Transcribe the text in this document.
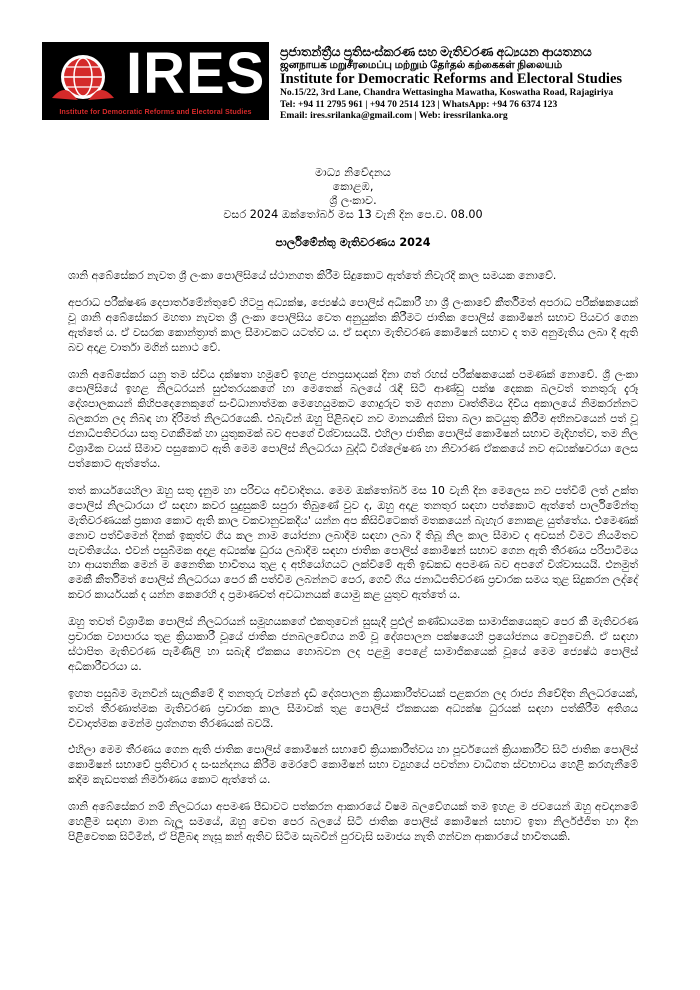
IRES
Institute for Democratic Reforms and Electoral Studies
ප්‍රජාතන්ත්‍රීය ප්‍රතිසංස්කරණ සහ මැතිවරණ අධ්‍යයන ආයතනය
ஜனநாயக மறுசீரமைப்பு மற்றும் தேர்தல் கற்கைகள் நிலையம்
Institute for Democratic Reforms and Electoral Studies
No.15/22, 3rd Lane, Chandra Wettasingha Mawatha, Koswatha Road, Rajagiriya
Tel: +94 11 2795 961 | +94 70 2514 123 | WhatsApp: +94 76 6374 123
Email: ires.srilanka@gmail.com | Web: iressrilanka.org
මාධ්‍ය නිවේදනය
කොළඹ,
ශ්‍රී ලංකාව.
වසර 2024 ඔක්තෝබර් මස 13 වැනි දින පෙ.ව. 08.00
පාර්ලිමේන්තු මැතිවරණය 2024

ශානි අබේසේකර නැවත ශ්‍රී ලංකා පොලිසියේ ස්ථානගත කිරීම සිදුකොට ඇත්තේ නිවැරදි කාල සමයක නොවේ.

අපරාධ පරීක්ෂණ දෙපාර්තමේන්තුවේ හිටපු අධ්‍යක්ෂ, ජ්‍යෙෂ්ඨ පොලිස් අධිකාරී හා ශ්‍රී ලංකාවේ කීර්තිමත් අපරාධ පරීක්ෂකයෙක් වූ ශානි අබේසේකර මහතා නැවත ශ්‍රී ලංකා පොලිසිය වෙත අනුයුක්ත කිරීමට ජාතික පොලිස් කොමිෂන් සභාව පියවර ගෙන ඇත්තේ ය. ඒ වසරක කොන්ත්‍රාත් කාල සීමාවකට යටත්ව ය. ඒ සඳහා මැතිවරණ කොමිෂන් සභාව ද තම අනුමැතිය ලබා දී ඇති බව අදාළ වාර්තා මගින් සනාථ වේ.

ශානි අබේසේකර යනු තම ස්වීය දක්ෂතා හමුවේ ඉහළ ජනප්‍රසාදයක් දිනා ගත් රහස් පරීක්ෂකයෙක් පමණක් නොවේ. ශ්‍රී ලංකා පොලිසියේ ඉහළ නිලධරයන් සුළුතරයකගේ හා මෙතෙක් බලයේ රැඳී සිටි ආණ්ඩු පක්ෂ දෙකක බලවත් තනතුරු දැරූ දේශපාලකයන් කිහිපදෙනෙකුගේ සංවිධානාත්මක මෙහෙයුමකට ගොදුරුව තම අගනා වෘත්තීමය දිවිය අකාලයේ නිමකරන්නට බලකරන ලද නිබඳ හා දිරිමත් නිලධරයෙකි. එබැවින් ඔහු පිළිබඳව නව මානයකින් සිතා බලා කටයුතු කිරීම අභිනවයෙන් පත් වූ ජනාධිපතිවරයා සතු වගකීමක් හා යුතුකමක් බව අපගේ විශ්වාසයයි. එහිලා ජාතික පොලිස් කොමිෂන් සභාව මැදිහත්ව, තම නිල විශ්‍රාමික වයස් සීමාව පසුකොට ඇති මෙම පොලිස් නිලධරයා බුද්ධි විශ්ලේෂණ හා නිවාරණ ඒකකයේ නව අධ්‍යක්ෂවරයා ලෙස පත්කොට ඇත්තේය.

තත් කාර්යයෙහිලා ඔහු සතු දැනුම හා පරිචය අවිවාදිතය. මෙම ඔක්තෝබර් මස 10 වැනි දින මෙලෙස නව පත්වීම් ලත් උක්ත පොලිස් නිලධාරයා ඒ සඳහා කවර සුදුසුකම් සපුරා තිබුණේ වුව ද, ඔහු අදාළ තනතුර සඳහා පත්කොට ඇත්තේ පාර්ලිමේන්තු මැතිවරණයක් ප්‍රකාශ කොට ඇති කාල වකවානුවකදීය' යන්න අප කිසිවිටෙකත් මතකයෙන් බැහැර නොකළ යුත්තේය. එමෙණක් නොව පත්වීමෙන් දිනක් ඉකුත්ව ගිය කල නාම යෝජනා ලබාදීම සඳහා ලබා දී තිබූ නිල කාල සීමාව ද අවසන් වීමට නියමිතව පැවතියේය. එවන් පසුබිමක අදාළ අධ්‍යක්ෂ ධුරය ලබාදීම සඳහා ජාතික පොලිස් කොමිෂන් සභාව ගෙන ඇති තීරණය පරිපාටිමය හා ආයතනික මෙන් ම නෛතික භාවිතය තුළ ද අභියෝගයට ලක්වීමේ ඇති ඉඩකඩ අපමණ බව අපගේ විශ්වාසයයි. එනමුත් මෙකී කීර්තිමත් පොලිස් නිලධරයා පෙර කී පත්වීම ලබන්නට පෙර, ගෙවී ගිය ජනාධිපතිවරණ ප්‍රචාරක සමය තුළ සිදුකරන ලද්දේ කවර කාර්යයක් ද යන්න කෙරෙහි ද ප්‍රමාණවත් අවධානයක් යොමු කළ යුතුව ඇත්තේ ය.

ඔහු තවත් විශ්‍රාමික පොලිස් නිලධරයන් සමූහයකගේ එකතුවෙන් සුසැදී පුළුල් කණ්ඩායමක සාමාජිකයෙකුව පෙර කී මැතිවරණ ප්‍රචාරක ව්‍යාපාරය තුළ ක්‍රියාකාරී වූයේ ජාතික ජනබලවේගය නම් වූ දේශපාලන පක්ෂයෙහි ප්‍රයෝජනය වෙනුවෙනි. ඒ සඳහා ස්ථාපිත මැතිවරණ පැමිණිලි හා සබැඳි ඒකකය හොබවන ලද පළමු පෙළේ සාමාජිකයෙක් වූයේ මෙම ජ්‍යෙෂ්ඨ පොලිස් අධිකාරීවරයා ය.

ඉහත පසුබිම මැනවින් සැලකීමේ දී තනතුරු වන්නේ දැඩි දේශපාලන ක්‍රියාකාරීත්වයක් පළකරන ලද රාජ්‍ය නිවේදිත නිලධරයෙක්, තවත් තීරණාත්මක මැතිවරණ ප්‍රචාරක කාල සීමාවක් තුළ පොලිස් ඒකකයක අධ්‍යක්ෂ ධුරයක් සඳහා පත්කිරීම අතිශය විවාදාත්මක මෙන්ම ප්‍රශ්නගත තීරණයක් බවයි.

එහිලා මෙම තීරණය ගෙන ඇති ජාතික පොලිස් කොමිෂන් සභාවේ ක්‍රියාකාරීත්වය හා පූර්වයෙන් ක්‍රියාකාරීව සිටි ජාතික පොලිස් කොමිෂන් සභාවේ ප්‍රතිචාර ද සංසන්දනය කිරීම මෙරටේ කොමිෂන් සභා ව්‍යුහයේ පවත්නා වාධිගත ස්වභාවය හෙළි කරගැනීමේ කදිම කැඩපතක් නිර්මාණය කොට ඇත්තේ ය.

ශානි අබේසේකර නම් නිලධරයා අපමණ පීඩාවට පත්කරන ආකාරයේ විෂම බලවේගයක් තම ඉහළ ම ජවයෙන් ඔහු අවදානමේ හෙළීම සඳහා මාන බැලූ සමයේ, ඔහු වෙත පෙර බලයේ සිටි ජාතික පොලිස් කොමිෂන් සභාව ඉතා නිර්ලජ්ජිත හා දීන පිළිවෙතක සිටිමින්, ඒ පිළිබඳ නැසූ කන් ඇතිව සිටීම සැබවින් පුරවැසි සමාජය නැති ගන්වන ආකාරයේ භාවිතයකි.
